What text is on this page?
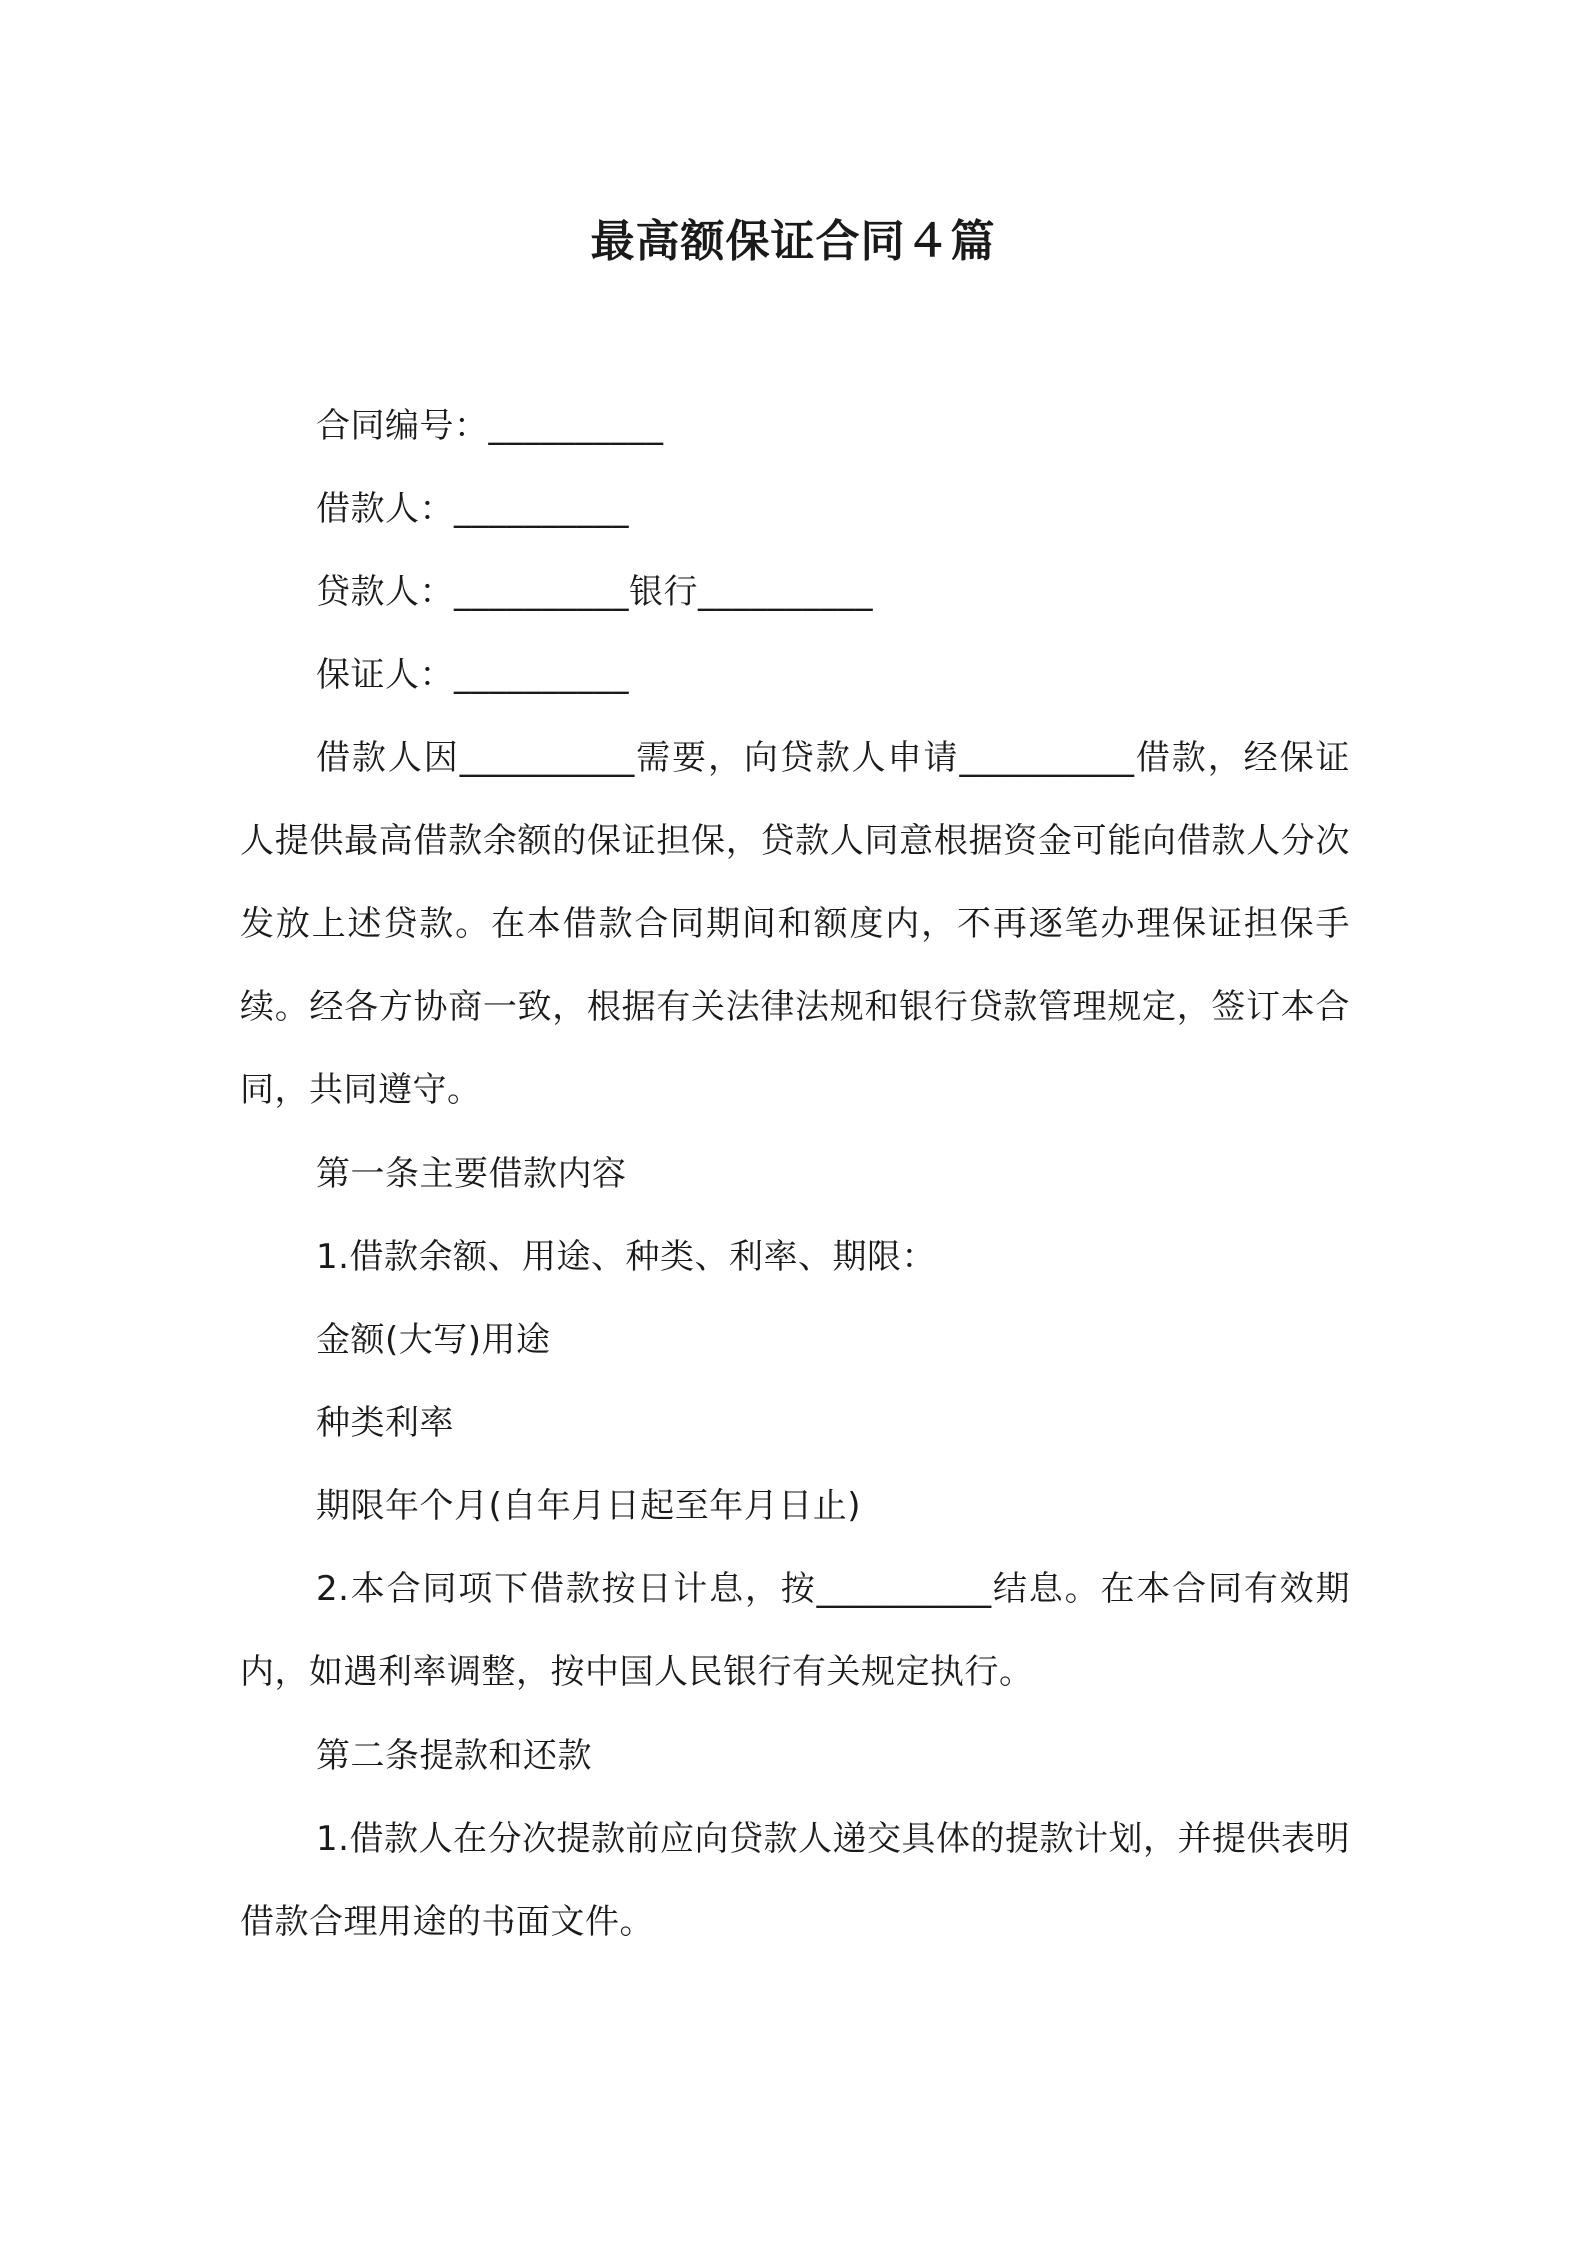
最高额保证合同４篇

合同编号：__________

借款人：__________

贷款人：__________银行__________

保证人：__________

借款人因__________需要，向贷款人申请__________借款，经保证人提供最高借款余额的保证担保，贷款人同意根据资金可能向借款人分次发放上述贷款。在本借款合同期间和额度内，不再逐笔办理保证担保手续。经各方协商一致，根据有关法律法规和银行贷款管理规定，签订本合同，共同遵守。

第一条主要借款内容

1.借款余额、用途、种类、利率、期限：

金额(大写)用途

种类利率

期限年个月(自年月日起至年月日止)

2.本合同项下借款按日计息，按__________结息。在本合同有效期内，如遇利率调整，按中国人民银行有关规定执行。

第二条提款和还款

1.借款人在分次提款前应向贷款人递交具体的提款计划，并提供表明借款合理用途的书面文件。
